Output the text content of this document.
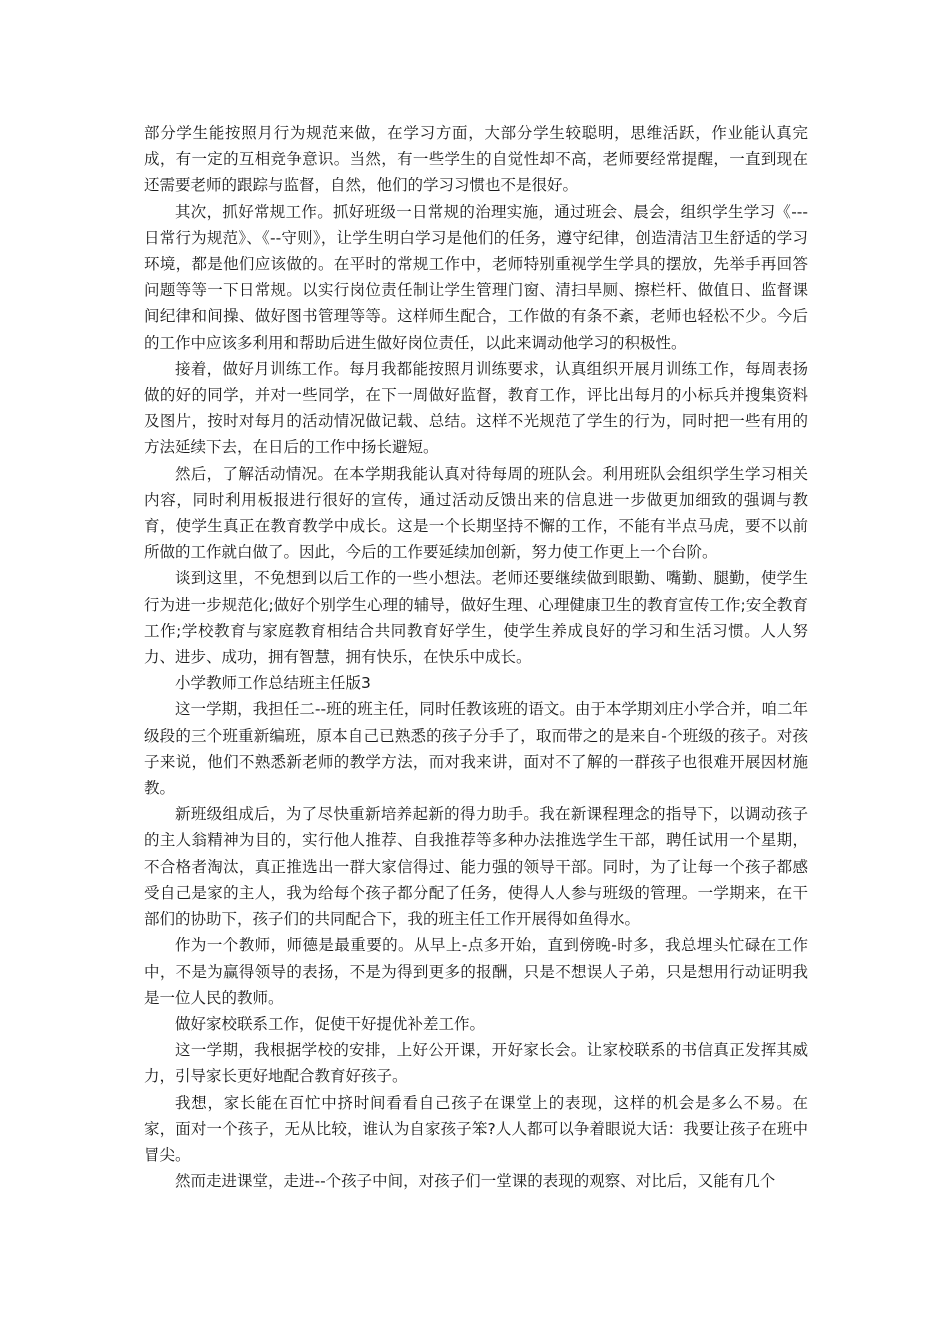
部分学生能按照月行为规范来做，在学习方面，大部分学生较聪明，思维活跃，作业能认真完成，有一定的互相竞争意识。当然，有一些学生的自觉性却不高，老师要经常提醒，一直到现在还需要老师的跟踪与监督，自然，他们的学习习惯也不是很好。

其次，抓好常规工作。抓好班级一日常规的治理实施，通过班会、晨会，组织学生学习《---日常行为规范》、《--守则》，让学生明白学习是他们的任务，遵守纪律，创造清洁卫生舒适的学习环境，都是他们应该做的。在平时的常规工作中，老师特别重视学生学具的摆放，先举手再回答问题等等一下日常规。以实行岗位责任制让学生管理门窗、清扫旱厕、擦栏杆、做值日、监督课间纪律和间操、做好图书管理等等。这样师生配合，工作做的有条不紊，老师也轻松不少。今后的工作中应该多利用和帮助后进生做好岗位责任，以此来调动他学习的积极性。

接着，做好月训练工作。每月我都能按照月训练要求，认真组织开展月训练工作，每周表扬做的好的同学，并对一些同学，在下一周做好监督，教育工作，评比出每月的小标兵并搜集资料及图片，按时对每月的活动情况做记载、总结。这样不光规范了学生的行为，同时把一些有用的方法延续下去，在日后的工作中扬长避短。

然后，了解活动情况。在本学期我能认真对待每周的班队会。利用班队会组织学生学习相关内容，同时利用板报进行很好的宣传，通过活动反馈出来的信息进一步做更加细致的强调与教育，使学生真正在教育教学中成长。这是一个长期坚持不懈的工作，不能有半点马虎，要不以前所做的工作就白做了。因此，今后的工作要延续加创新，努力使工作更上一个台阶。

谈到这里，不免想到以后工作的一些小想法。老师还要继续做到眼勤、嘴勤、腿勤，使学生行为进一步规范化;做好个别学生心理的辅导，做好生理、心理健康卫生的教育宣传工作;安全教育工作;学校教育与家庭教育相结合共同教育好学生，使学生养成良好的学习和生活习惯。人人努力、进步、成功，拥有智慧，拥有快乐，在快乐中成长。

小学教师工作总结班主任版3

这一学期，我担任二--班的班主任，同时任教该班的语文。由于本学期刘庄小学合并，咱二年级段的三个班重新编班，原本自己已熟悉的孩子分手了，取而带之的是来自-个班级的孩子。对孩子来说，他们不熟悉新老师的教学方法，而对我来讲，面对不了解的一群孩子也很难开展因材施教。

新班级组成后，为了尽快重新培养起新的得力助手。我在新课程理念的指导下，以调动孩子的主人翁精神为目的，实行他人推荐、自我推荐等多种办法推选学生干部，聘任试用一个星期，不合格者淘汰，真正推选出一群大家信得过、能力强的领导干部。同时，为了让每一个孩子都感受自己是家的主人，我为给每个孩子都分配了任务，使得人人参与班级的管理。一学期来，在干部们的协助下，孩子们的共同配合下，我的班主任工作开展得如鱼得水。

作为一个教师，师德是最重要的。从早上-点多开始，直到傍晚-时多，我总埋头忙碌在工作中，不是为赢得领导的表扬，不是为得到更多的报酬，只是不想误人子弟，只是想用行动证明我是一位人民的教师。

做好家校联系工作，促使干好提优补差工作。

这一学期，我根据学校的安排，上好公开课，开好家长会。让家校联系的书信真正发挥其威力，引导家长更好地配合教育好孩子。

我想，家长能在百忙中挤时间看看自己孩子在课堂上的表现，这样的机会是多么不易。在家，面对一个孩子，无从比较，谁认为自家孩子笨?人人都可以争着眼说大话：我要让孩子在班中冒尖。

然而走进课堂，走进--个孩子中间，对孩子们一堂课的表现的观察、对比后，又能有几个
